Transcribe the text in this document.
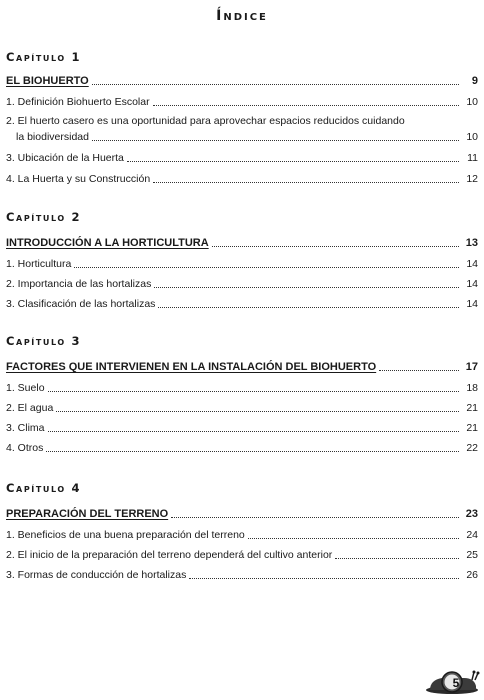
Índice
Capítulo 1
EL BIOHUERTO	9
1. Definición Biohuerto Escolar	10
2. El huerto casero es una oportunidad para aprovechar espacios reducidos cuidando
la biodiversidad	10
3. Ubicación de la Huerta	11
4. La Huerta y su Construcción	12
Capítulo 2
INTRODUCCIÓN A LA HORTICULTURA	13
1. Horticultura	14
2. Importancia de las hortalizas	14
3. Clasificación de las hortalizas	14
Capítulo 3
FACTORES QUE INTERVIENEN EN LA INSTALACIÓN DEL BIOHUERTO	17
1. Suelo	18
2. El agua	21
3. Clima	21
4. Otros	22
Capítulo 4
PREPARACIÓN DEL TERRENO	23
1. Beneficios de una buena preparación del terreno	24
2. El inicio de la preparación del terreno dependerá del cultivo anterior	25
3. Formas de conducción de hortalizas	26
5
